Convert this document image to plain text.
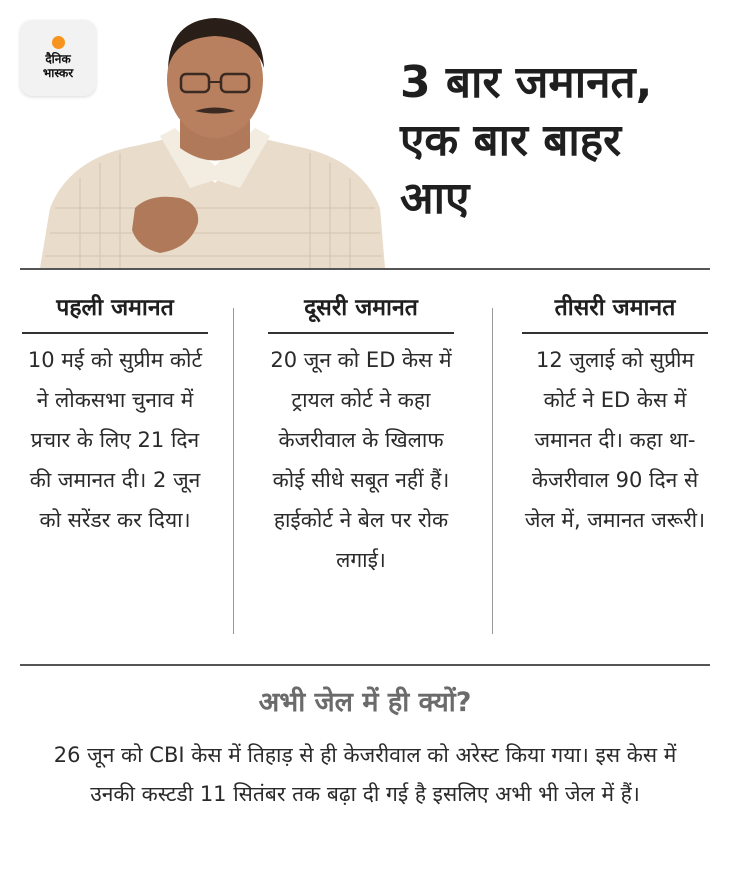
दैनिक
भास्कर	3 बार जमानत,
एक बार बाहर
आए
पहली जमानत
10 मई को सुप्रीम कोर्ट ने लोकसभा चुनाव में प्रचार के लिए 21 दिन की जमानत दी। 2 जून को सरेंडर कर दिया।
दूसरी जमानत
20 जून को ED केस में ट्रायल कोर्ट ने कहा केजरीवाल के खिलाफ कोई सीधे सबूत नहीं हैं। हाईकोर्ट ने बेल पर रोक लगाई।
तीसरी जमानत
12 जुलाई को सुप्रीम कोर्ट ने ED केस में जमानत दी। कहा था- केजरीवाल 90 दिन से जेल में, जमानत जरूरी।
अभी जेल में ही क्यों?
26 जून को CBI केस में तिहाड़ से ही केजरीवाल को अरेस्ट किया गया। इस केस में उनकी कस्टडी 11 सितंबर तक बढ़ा दी गई है इसलिए अभी भी जेल में हैं।
